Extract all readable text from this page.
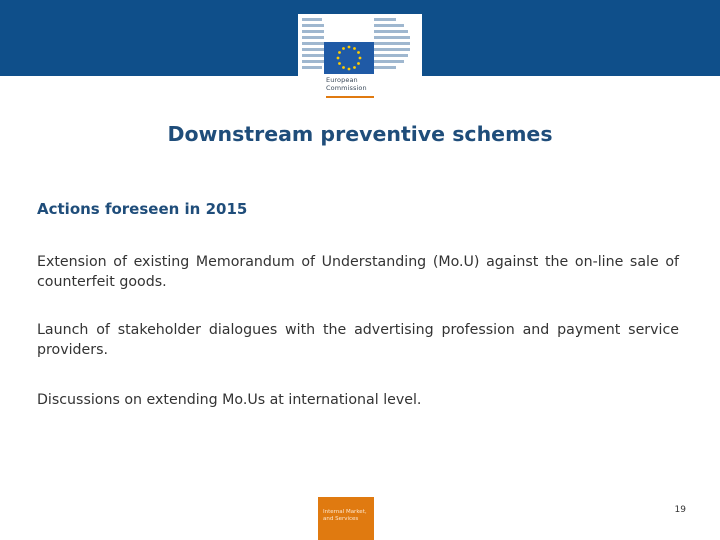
European
Commission
Downstream preventive schemes
Actions foreseen in 2015

Extension of existing Memorandum of Understanding (Mo.U) against the on-line sale of counterfeit goods.

Launch of stakeholder dialogues with the advertising profession and payment service providers.

Discussions on extending Mo.Us at international level.

Internal Market,
and Services
19
